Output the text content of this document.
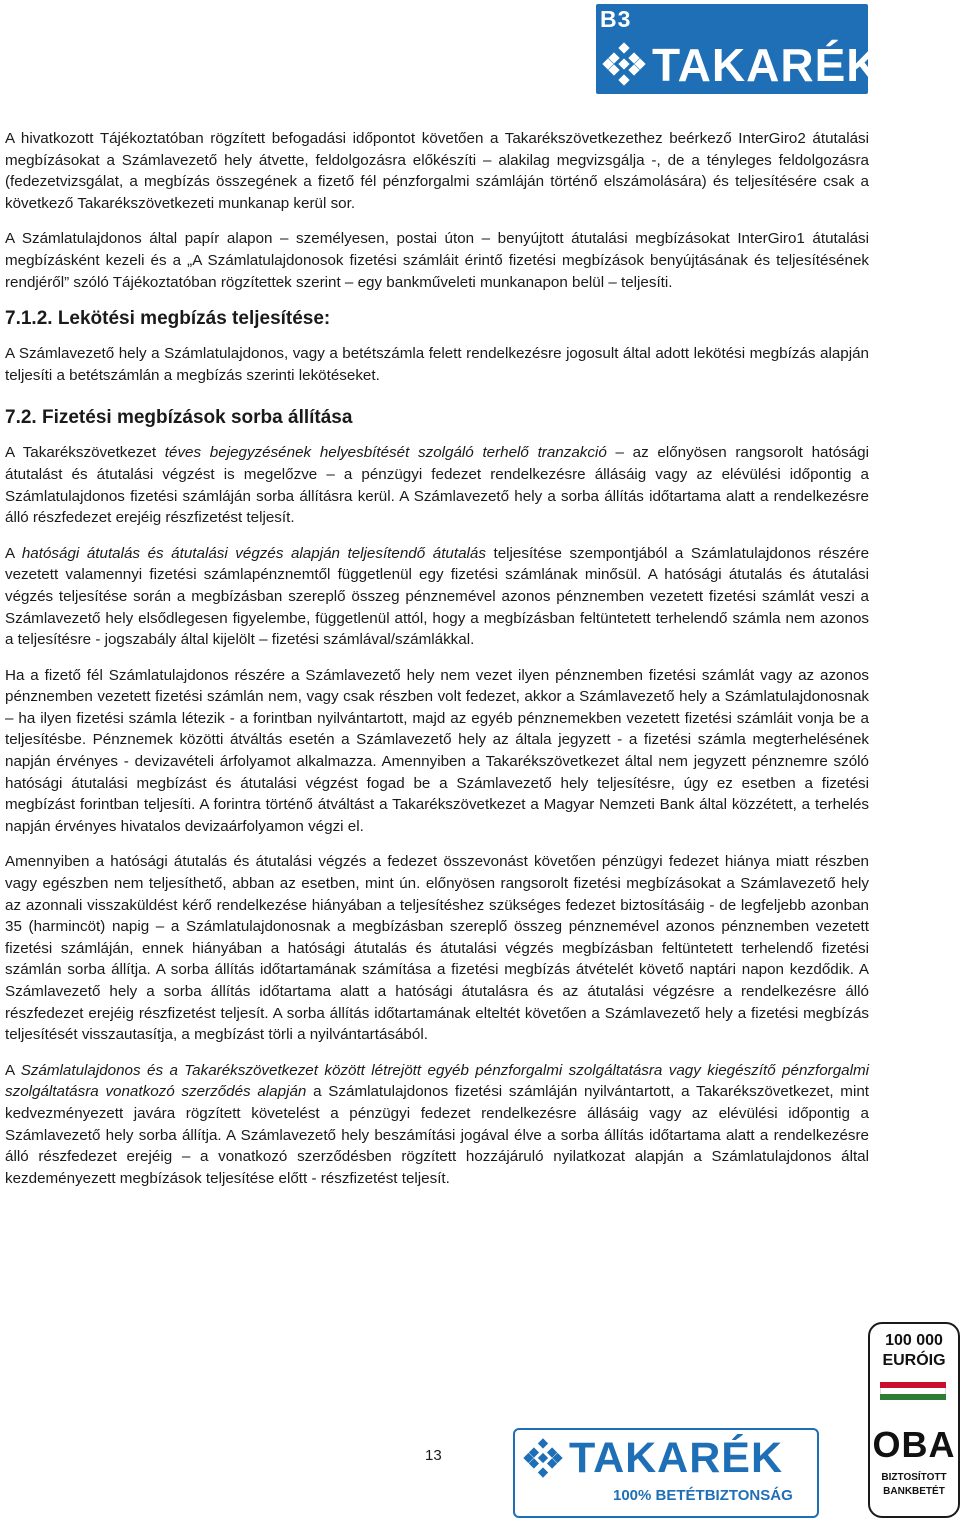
B3
TAKARÉK

A hivatkozott Tájékoztatóban rögzített befogadási időpontot követően a Takarékszövetkezethez beérkező InterGiro2 átutalási megbízásokat a Számlavezető hely átvette, feldolgozásra előkészíti – alakilag megvizsgálja -, de a tényleges feldolgozásra (fedezetvizsgálat, a megbízás összegének a fizető fél pénzforgalmi számláján történő elszámolására) és teljesítésére csak a következő Takarékszövetkezeti munkanap kerül sor.

A Számlatulajdonos által papír alapon – személyesen, postai úton – benyújtott átutalási megbízásokat InterGiro1 átutalási megbízásként kezeli és a „A Számlatulajdonosok fizetési számláit érintő fizetési megbízások benyújtásának és teljesítésének rendjéről” szóló Tájékoztatóban rögzítettek szerint – egy bankműveleti munkanapon belül – teljesíti.

7.1.2. Lekötési megbízás teljesítése:

A Számlavezető hely a Számlatulajdonos, vagy a betétszámla felett rendelkezésre jogosult által adott lekötési megbízás alapján teljesíti a betétszámlán a megbízás szerinti lekötéseket.

7.2. Fizetési megbízások sorba állítása

A Takarékszövetkezet téves bejegyzésének helyesbítését szolgáló terhelő tranzakció – az előnyösen rangsorolt hatósági átutalást és átutalási végzést is megelőzve – a pénzügyi fedezet rendelkezésre állásáig vagy az elévülési időpontig a Számlatulajdonos fizetési számláján sorba állításra kerül. A Számlavezető hely a sorba állítás időtartama alatt a rendelkezésre álló részfedezet erejéig részfizetést teljesít.

A hatósági átutalás és átutalási végzés alapján teljesítendő átutalás teljesítése szempontjából a Számlatulajdonos részére vezetett valamennyi fizetési számlapénznemtől függetlenül egy fizetési számlának minősül. A hatósági átutalás és átutalási végzés teljesítése során a megbízásban szereplő összeg pénznemével azonos pénznemben vezetett fizetési számlát veszi a Számlavezető hely elsődlegesen figyelembe, függetlenül attól, hogy a megbízásban feltüntetett terhelendő számla nem azonos a teljesítésre - jogszabály által kijelölt – fizetési számlával/számlákkal.

Ha a fizető fél Számlatulajdonos részére a Számlavezető hely nem vezet ilyen pénznemben fizetési számlát vagy az azonos pénznemben vezetett fizetési számlán nem, vagy csak részben volt fedezet, akkor a Számlavezető hely a Számlatulajdonosnak – ha ilyen fizetési számla létezik - a forintban nyilvántartott, majd az egyéb pénznemekben vezetett fizetési számláit vonja be a teljesítésbe. Pénznemek közötti átváltás esetén a Számlavezető hely az általa jegyzett - a fizetési számla megterhelésének napján érvényes - devizavételi árfolyamot alkalmazza. Amennyiben a Takarékszövetkezet által nem jegyzett pénznemre szóló hatósági átutalási megbízást és átutalási végzést fogad be a Számlavezető hely teljesítésre, úgy ez esetben a fizetési megbízást forintban teljesíti. A forintra történő átváltást a Takarékszövetkezet a Magyar Nemzeti Bank által közzétett, a terhelés napján érvényes hivatalos devizaárfolyamon végzi el.

Amennyiben a hatósági átutalás és átutalási végzés a fedezet összevonást követően pénzügyi fedezet hiánya miatt részben vagy egészben nem teljesíthető, abban az esetben, mint ún. előnyösen rangsorolt fizetési megbízásokat a Számlavezető hely az azonnali visszaküldést kérő rendelkezése hiányában a teljesítéshez szükséges fedezet biztosításáig - de legfeljebb azonban 35 (harmincöt) napig – a Számlatulajdonosnak a megbízásban szereplő összeg pénznemével azonos pénznemben vezetett fizetési számláján, ennek hiányában a hatósági átutalás és átutalási végzés megbízásban feltüntetett terhelendő fizetési számlán sorba állítja. A sorba állítás időtartamának számítása a fizetési megbízás átvételét követő naptári napon kezdődik. A Számlavezető hely a sorba állítás időtartama alatt a hatósági átutalásra és az átutalási végzésre a rendelkezésre álló részfedezet erejéig részfizetést teljesít. A sorba állítás időtartamának elteltét követően a Számlavezető hely a fizetési megbízás teljesítését visszautasítja, a megbízást törli a nyilvántartásából.

A Számlatulajdonos és a Takarékszövetkezet között létrejött egyéb pénzforgalmi szolgáltatásra vagy kiegészítő pénzforgalmi szolgáltatásra vonatkozó szerződés alapján a Számlatulajdonos fizetési számláján nyilvántartott, a Takarékszövetkezet, mint kedvezményezett javára rögzített követelést a pénzügyi fedezet rendelkezésre állásáig vagy az elévülési időpontig a Számlavezető hely sorba állítja. A Számlavezető hely beszámítási jogával élve a sorba állítás időtartama alatt a rendelkezésre álló részfedezet erejéig – a vonatkozó szerződésben rögzített hozzájáruló nyilatkozat alapján a Számlatulajdonos által kezdeményezett megbízások teljesítése előtt - részfizetést teljesít.

13	TAKARÉK
100% BETÉTBIZTONSÁG
100 000
EURÓIG
OBA
BIZTOSÍTOTT
BANKBETÉT
